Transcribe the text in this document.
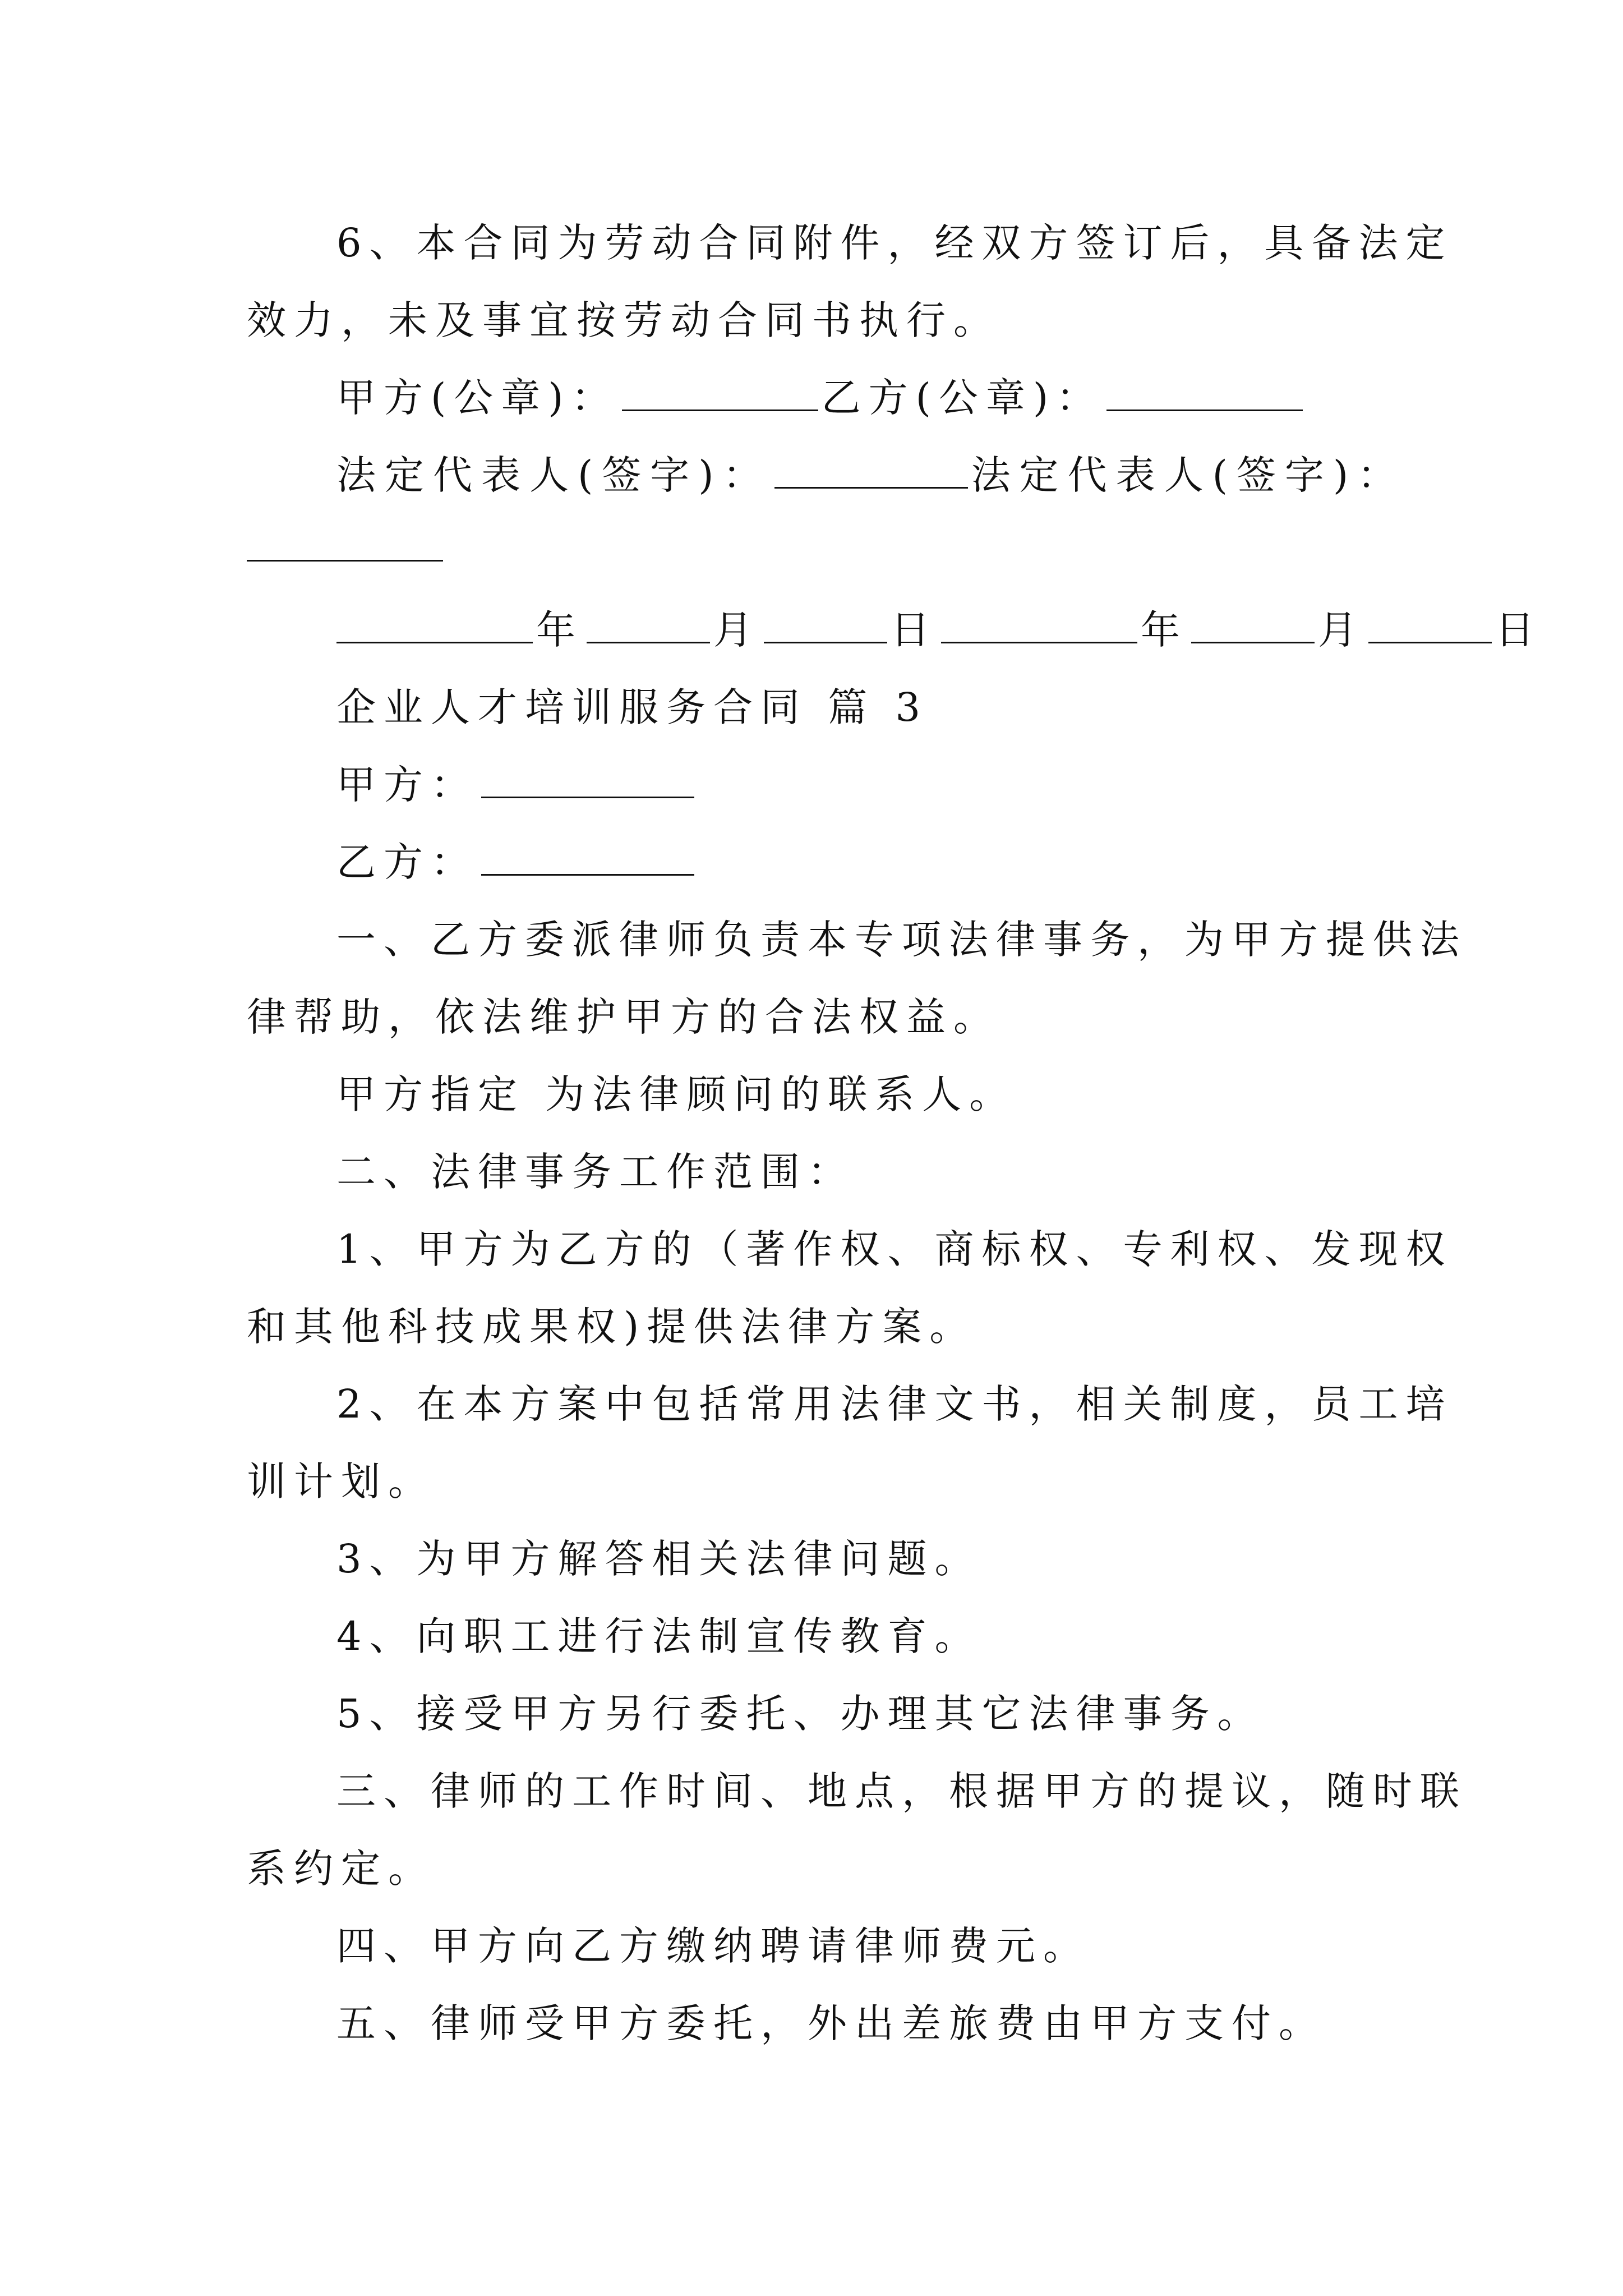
6、本合同为劳动合同附件，经双方签订后，具备法定
效力，未及事宜按劳动合同书执行。
甲方(公章)：	乙方(公章)：
法定代表人(签字)：	法定代表人(签字)：
年	月	日	年	月	日
企业人才培训服务合同 篇 3
甲方：
乙方：
一、乙方委派律师负责本专项法律事务，为甲方提供法
律帮助，依法维护甲方的合法权益。
甲方指定 为法律顾问的联系人。
二、法律事务工作范围：
1、甲方为乙方的（著作权、商标权、专利权、发现权
和其他科技成果权)提供法律方案。
2、在本方案中包括常用法律文书，相关制度，员工培
训计划。
3、为甲方解答相关法律问题。
4、向职工进行法制宣传教育。
5、接受甲方另行委托、办理其它法律事务。
三、律师的工作时间、地点，根据甲方的提议，随时联
系约定。
四、甲方向乙方缴纳聘请律师费元。
五、律师受甲方委托，外出差旅费由甲方支付。
